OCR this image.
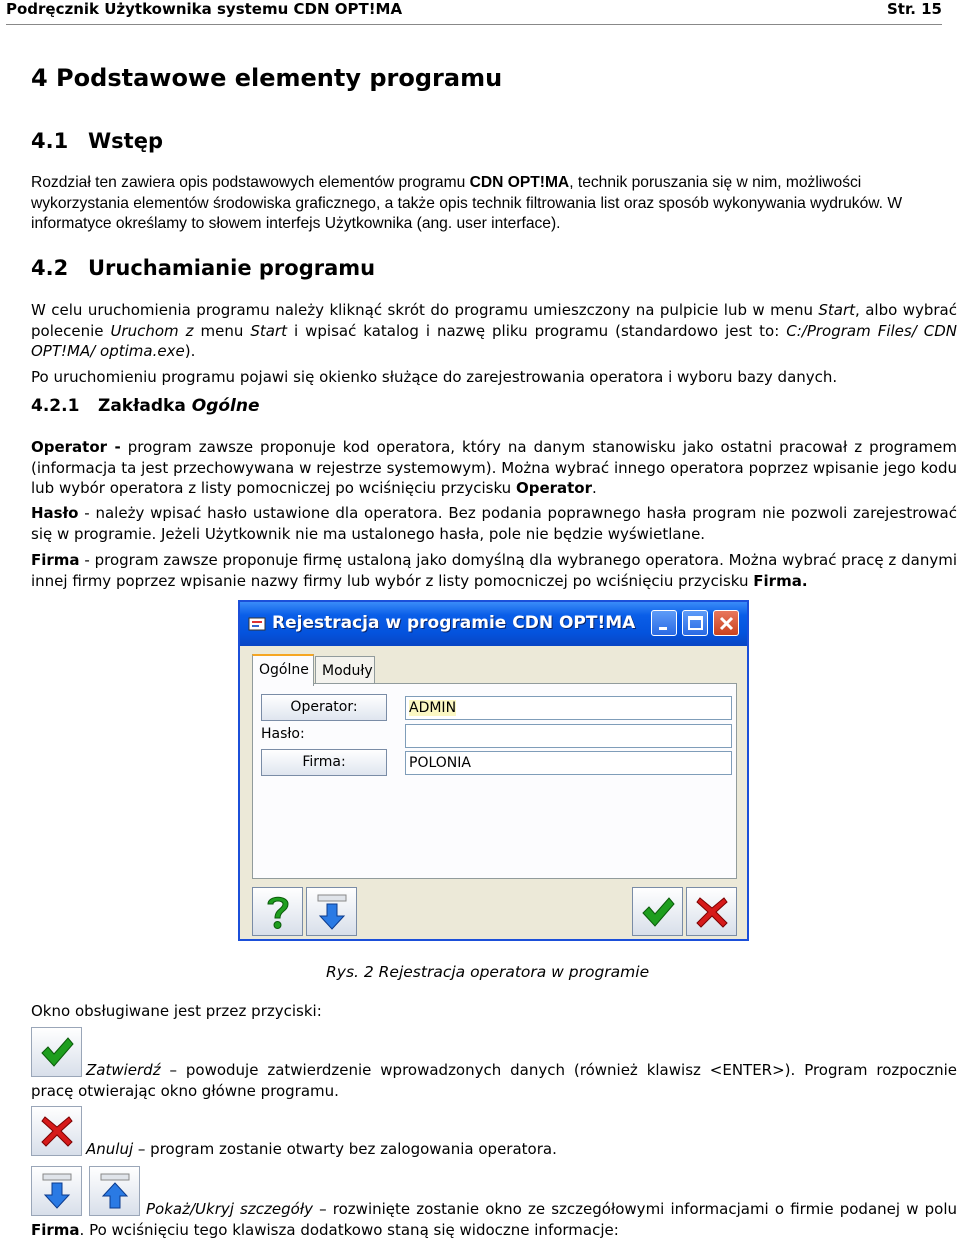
Podręcznik Użytkownika systemu CDN OPT!MA	Str. 15
4 Podstawowe elementy programu
4.1 Wstęp
Rozdział ten zawiera opis podstawowych elementów programu CDN OPT!MA, technik poruszania się w nim, możliwości wykorzystania elementów środowiska graficznego, a także opis technik filtrowania list oraz sposób wykonywania wydruków. W informatyce określamy to słowem interfejs Użytkownika (ang. user interface).
4.2 Uruchamianie programu
W celu uruchomienia programu należy kliknąć skrót do programu umieszczony na pulpicie lub w menu Start, albo wybrać polecenie Uruchom z menu Start i wpisać katalog i nazwę pliku programu (standardowo jest to: C:/Program Files/ CDN OPT!MA/ optima.exe).
Po uruchomieniu programu pojawi się okienko służące do zarejestrowania operatora i wyboru bazy danych.
4.2.1 Zakładka Ogólne
Operator - program zawsze proponuje kod operatora, który na danym stanowisku jako ostatni pracował z programem (informacja ta jest przechowywana w rejestrze systemowym). Można wybrać innego operatora poprzez wpisanie jego kodu lub wybór operatora z listy pomocniczej po wciśnięciu przycisku Operator.
Hasło - należy wpisać hasło ustawione dla operatora. Bez podania poprawnego hasła program nie pozwoli zarejestrować się w programie. Jeżeli Użytkownik nie ma ustalonego hasła, pole nie będzie wyświetlane.
Firma - program zawsze proponuje firmę ustaloną jako domyślną dla wybranego operatora. Można wybrać pracę z danymi innej firmy poprzez wpisanie nazwy firmy lub wybór z listy pomocniczej po wciśnięciu przycisku Firma.
Rejestracja w programie CDN OPT!MA
Ogólne Moduły
Operator:	ADMIN
Hasło:
Firma:	POLONIA
Rys. 2 Rejestracja operatora w programie
Okno obsługiwane jest przez przyciski:
Zatwierdź – powoduje zatwierdzenie wprowadzonych danych (również klawisz <ENTER>). Program rozpocznie pracę otwierając okno główne programu.
Anuluj – program zostanie otwarty bez zalogowania operatora.
Pokaż/Ukryj szczegóły – rozwinięte zostanie okno ze szczegółowymi informacjami o firmie podanej w polu Firma. Po wciśnięciu tego klawisza dodatkowo staną się widoczne informacje:
